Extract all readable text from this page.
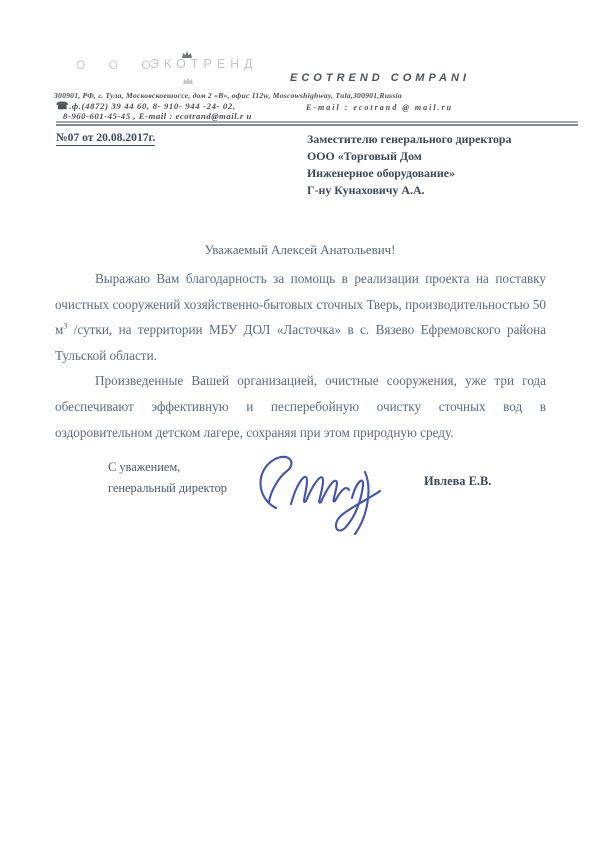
О О О
ЭКОТРЕНД
ECOTREND COMPANI
300901, РФ, г. Тула, Московскоешоссе, дом 2 «В», офис 112w, Moscowshighway, Tula,300901,Russia
☎.ф.(4872) 39 44 60, 8- 910- 944 -24- 02,	E-mail : ecotrand @ mail.ru
8-960-601-45-45 , E-mail : ecotrand@mail.r u
№07 от 20.08.2017г.	Заместителю генерального директора
ООО «Торговый Дом
Инженерное оборудование»
Г-ну Кунаховичу А.А.
Уважаемый Алексей Анатольевич!

Выражаю Вам благодарность за помощь в реализации проекта на поставку очистных сооружений хозяйственно-бытовых сточных Тверь, производительностью 50 $м^3$ /сутки, на территории МБУ ДОЛ «Ласточка» в с. Вязево Ефремовского района Тульской области.

Произведенные Вашей организацией, очистные сооружения, уже три года обеспечивают эффективную и песперебойную очистку сточных вод в оздоровительном детском лагере, сохраняя при этом природную среду.

С уважением,
генеральный директор	Ивлева Е.В.
